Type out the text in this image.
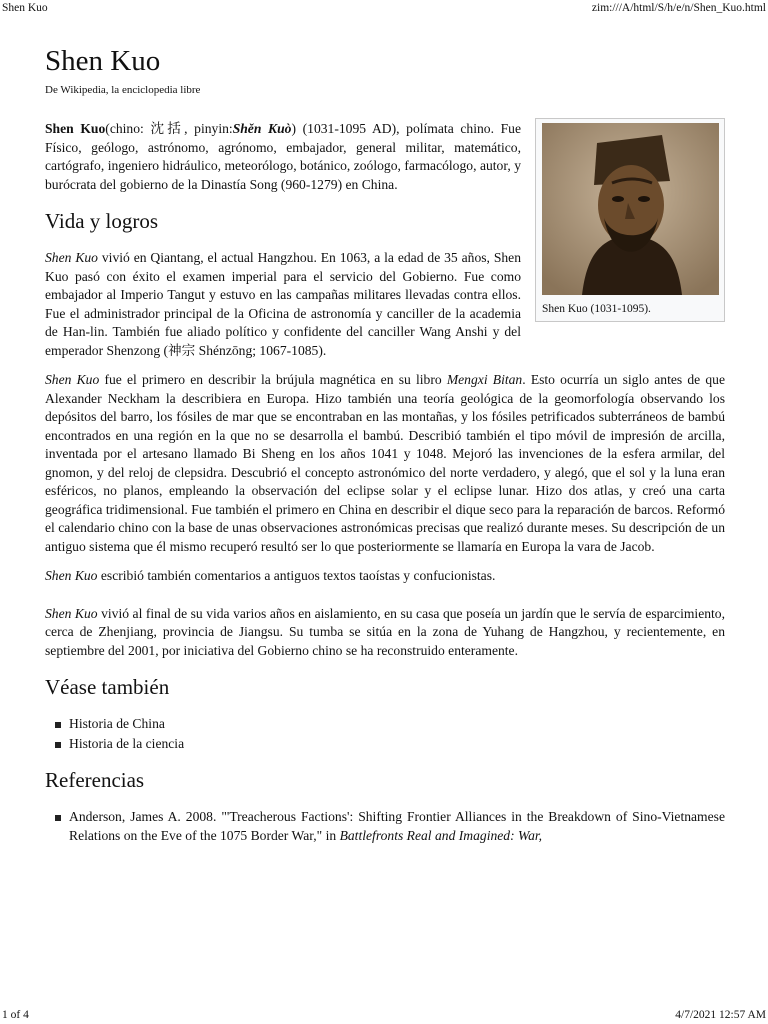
Shen Kuo	zim:///A/html/S/h/e/n/Shen_Kuo.html
Shen Kuo
De Wikipedia, la enciclopedia libre
Shen Kuo (1031-1095).

Shen Kuo(chino: 沈括, pinyin:Shěn Kuò) (1031-1095 AD), polímata chino. Fue Físico, geólogo, astrónomo, agrónomo, embajador, general militar, matemático, cartógrafo, ingeniero hidráulico, meteorólogo, botánico, zoólogo, farmacólogo, autor, y burócrata del gobierno de la Dinastía Song (960-1279) en China.

Vida y logros

Shen Kuo vivió en Qiantang, el actual Hangzhou. En 1063, a la edad de 35 años, Shen Kuo pasó con éxito el examen imperial para el servicio del Gobierno. Fue como embajador al Imperio Tangut y estuvo en las campañas militares llevadas contra ellos. Fue el administrador principal de la Oficina de astronomía y canciller de la academia de Han-lin. También fue aliado político y confidente del canciller Wang Anshi y del emperador Shenzong (神宗 Shénzōng; 1067-1085).

Shen Kuo fue el primero en describir la brújula magnética en su libro Mengxi Bitan. Esto ocurría un siglo antes de que Alexander Neckham la describiera en Europa. Hizo también una teoría geológica de la geomorfología observando los depósitos del barro, los fósiles de mar que se encontraban en las montañas, y los fósiles petrificados subterráneos de bambú encontrados en una región en la que no se desarrolla el bambú. Describió también el tipo móvil de impresión de arcilla, inventada por el artesano llamado Bi Sheng en los años 1041 y 1048. Mejoró las invenciones de la esfera armilar, del gnomon, y del reloj de clepsidra. Descubrió el concepto astronómico del norte verdadero, y alegó, que el sol y la luna eran esféricos, no planos, empleando la observación del eclipse solar y el eclipse lunar. Hizo dos atlas, y creó una carta geográfica tridimensional. Fue también el primero en China en describir el dique seco para la reparación de barcos. Reformó el calendario chino con la base de unas observaciones astronómicas precisas que realizó durante meses. Su descripción de un antiguo sistema que él mismo recuperó resultó ser lo que posteriormente se llamaría en Europa la vara de Jacob.

Shen Kuo escribió también comentarios a antiguos textos taoístas y confucionistas.

Shen Kuo vivió al final de su vida varios años en aislamiento, en su casa que poseía un jardín que le servía de esparcimiento, cerca de Zhenjiang, provincia de Jiangsu. Su tumba se sitúa en la zona de Yuhang de Hangzhou, y recientemente, en septiembre del 2001, por iniciativa del Gobierno chino se ha reconstruido enteramente.

Véase también
Historia de China
Historia de la ciencia
Referencias
Anderson, James A. 2008. "'Treacherous Factions': Shifting Frontier Alliances in the Breakdown of Sino-Vietnamese Relations on the Eve of the 1075 Border War," in Battlefronts Real and Imagined: War,
1 of 4	4/7/2021 12:57 AM
